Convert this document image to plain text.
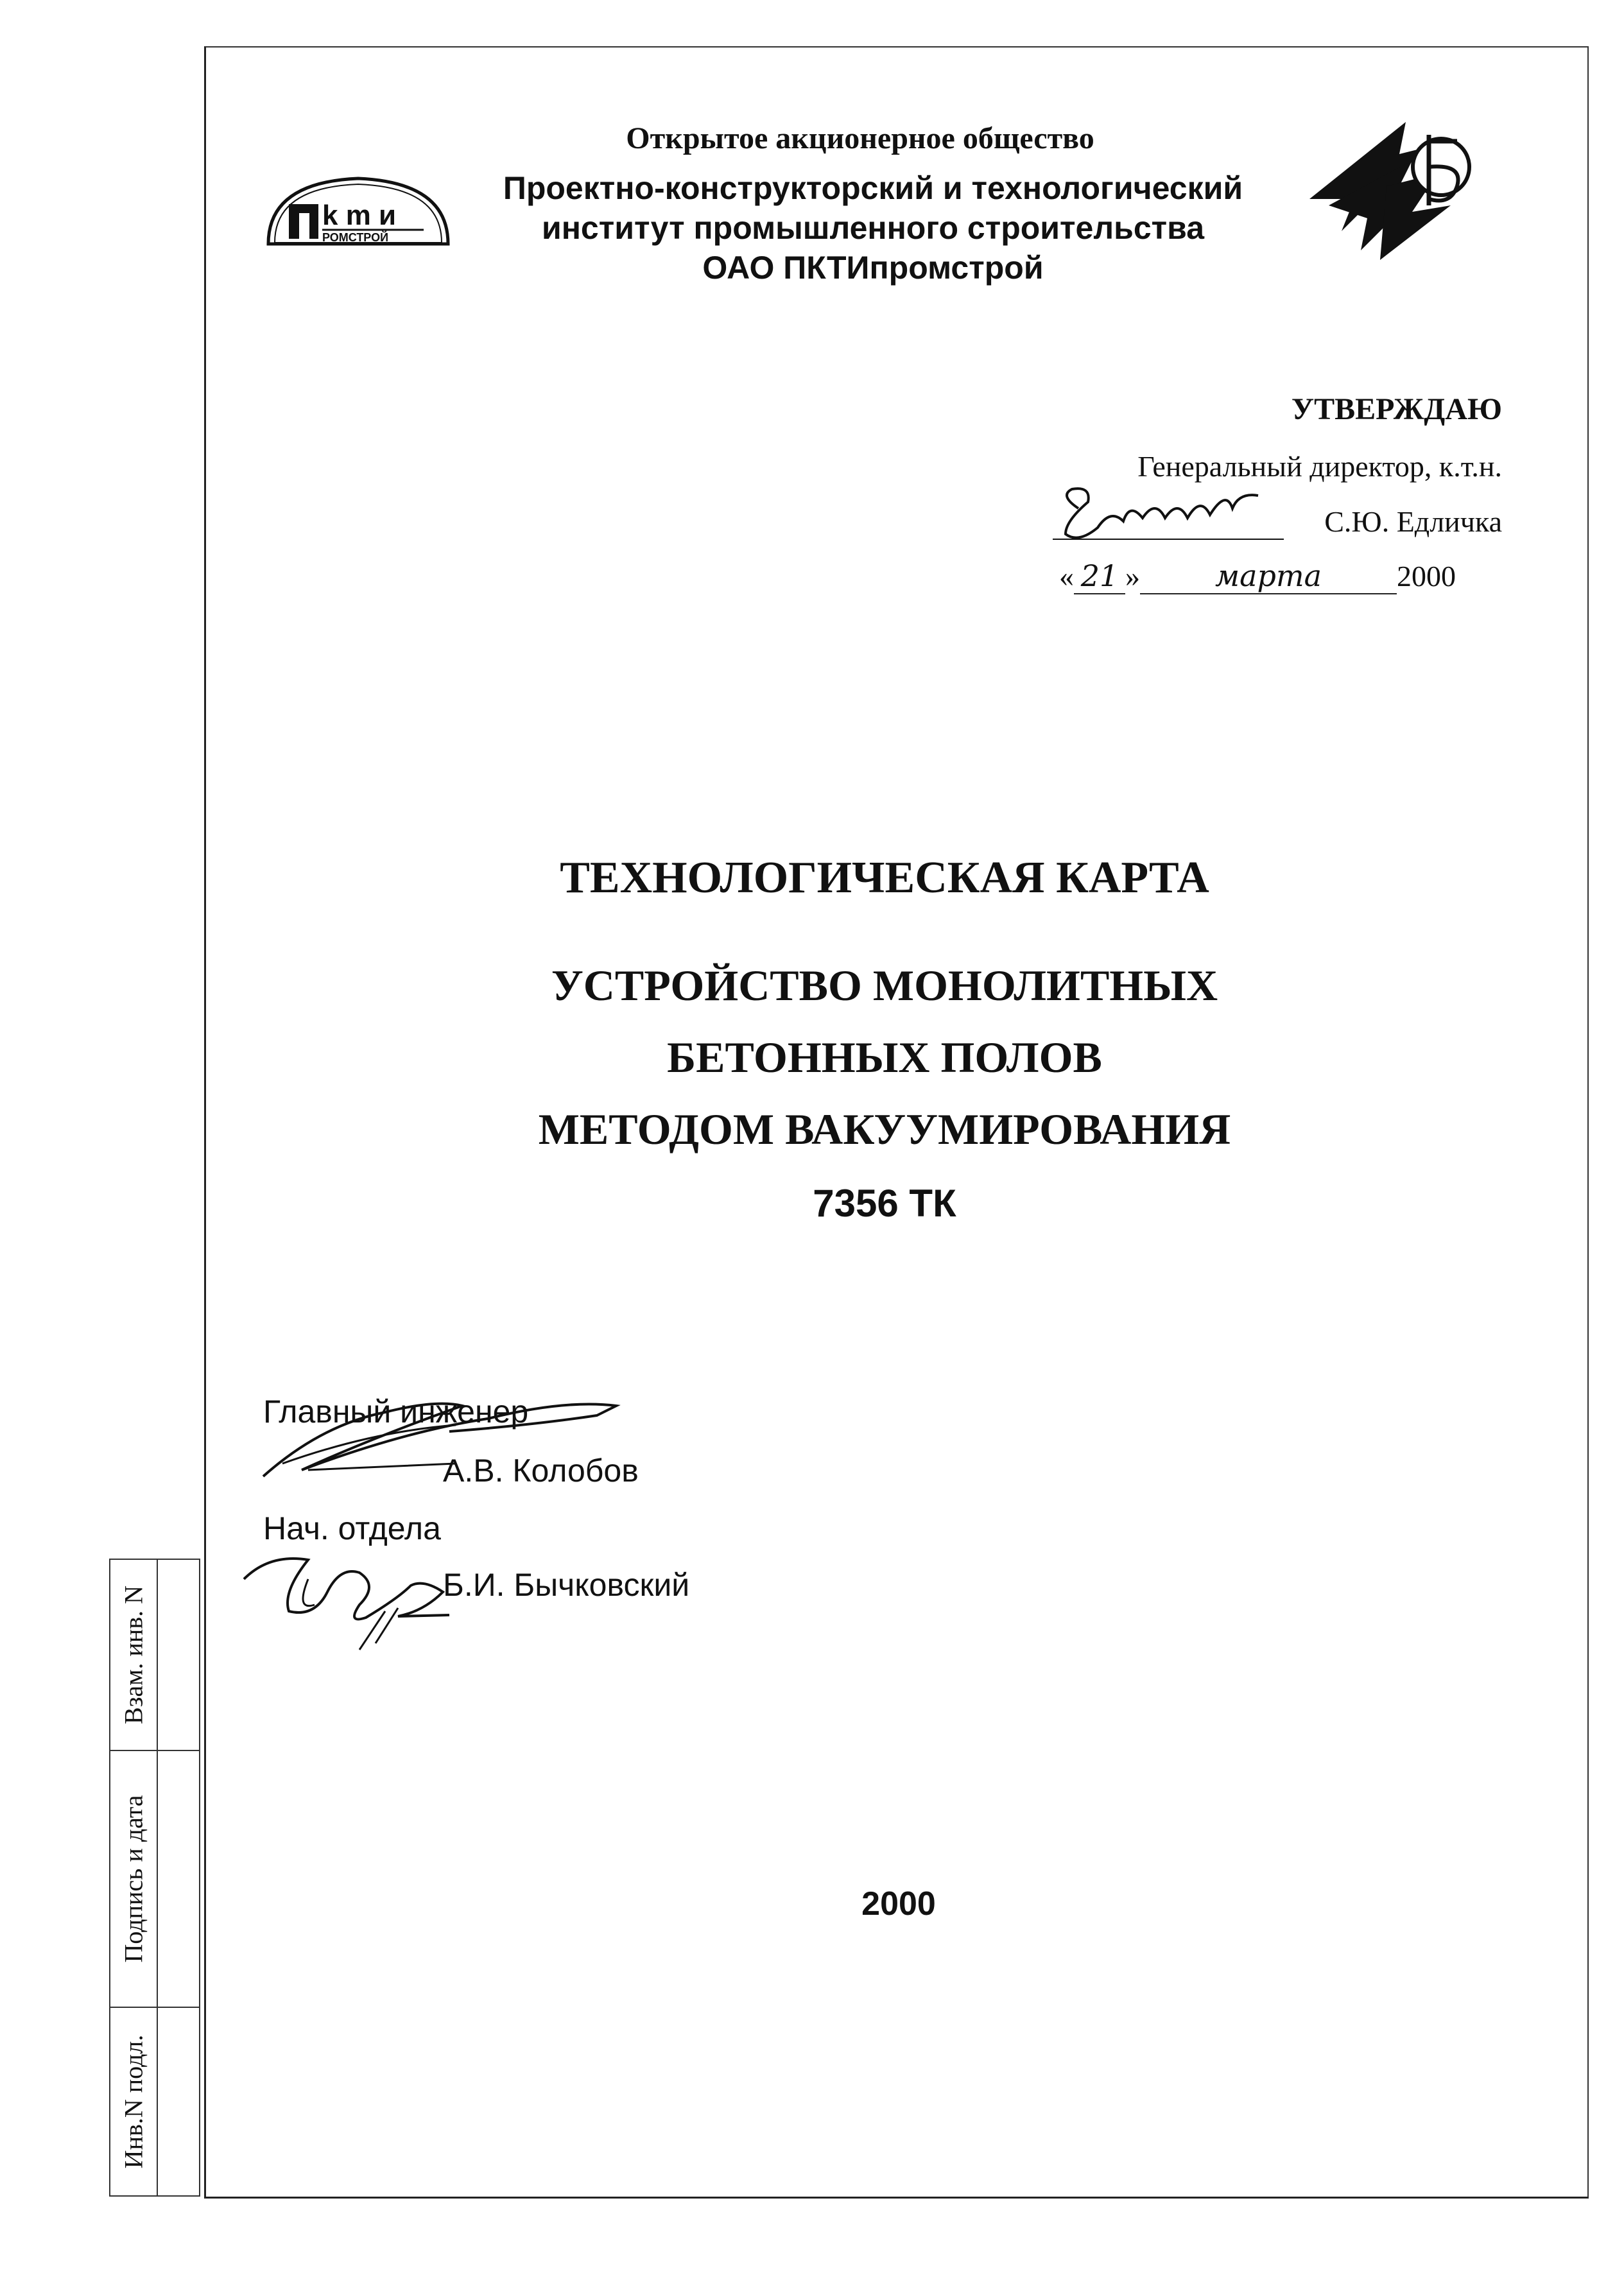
k m и
РОМСТРОЙ
Открытое акционерное общество
Проектно-конструкторский и технологический
институт промышленного строительства
ОАО ПКТИпромстрой
УТВЕРЖДАЮ
Генеральный директор, к.т.н.
С.Ю. Едличка
« 21 »	марта	2000
ТЕХНОЛОГИЧЕСКАЯ КАРТА
УСТРОЙСТВО МОНОЛИТНЫХ
БЕТОННЫХ ПОЛОВ
МЕТОДОМ ВАКУУМИРОВАНИЯ
7356 ТК
Главный инженер
А.В. Колобов
Нач. отдела
Б.И. Бычковский
2000
Взам. инв. N
Подпись и дата
Инв.N подл.
